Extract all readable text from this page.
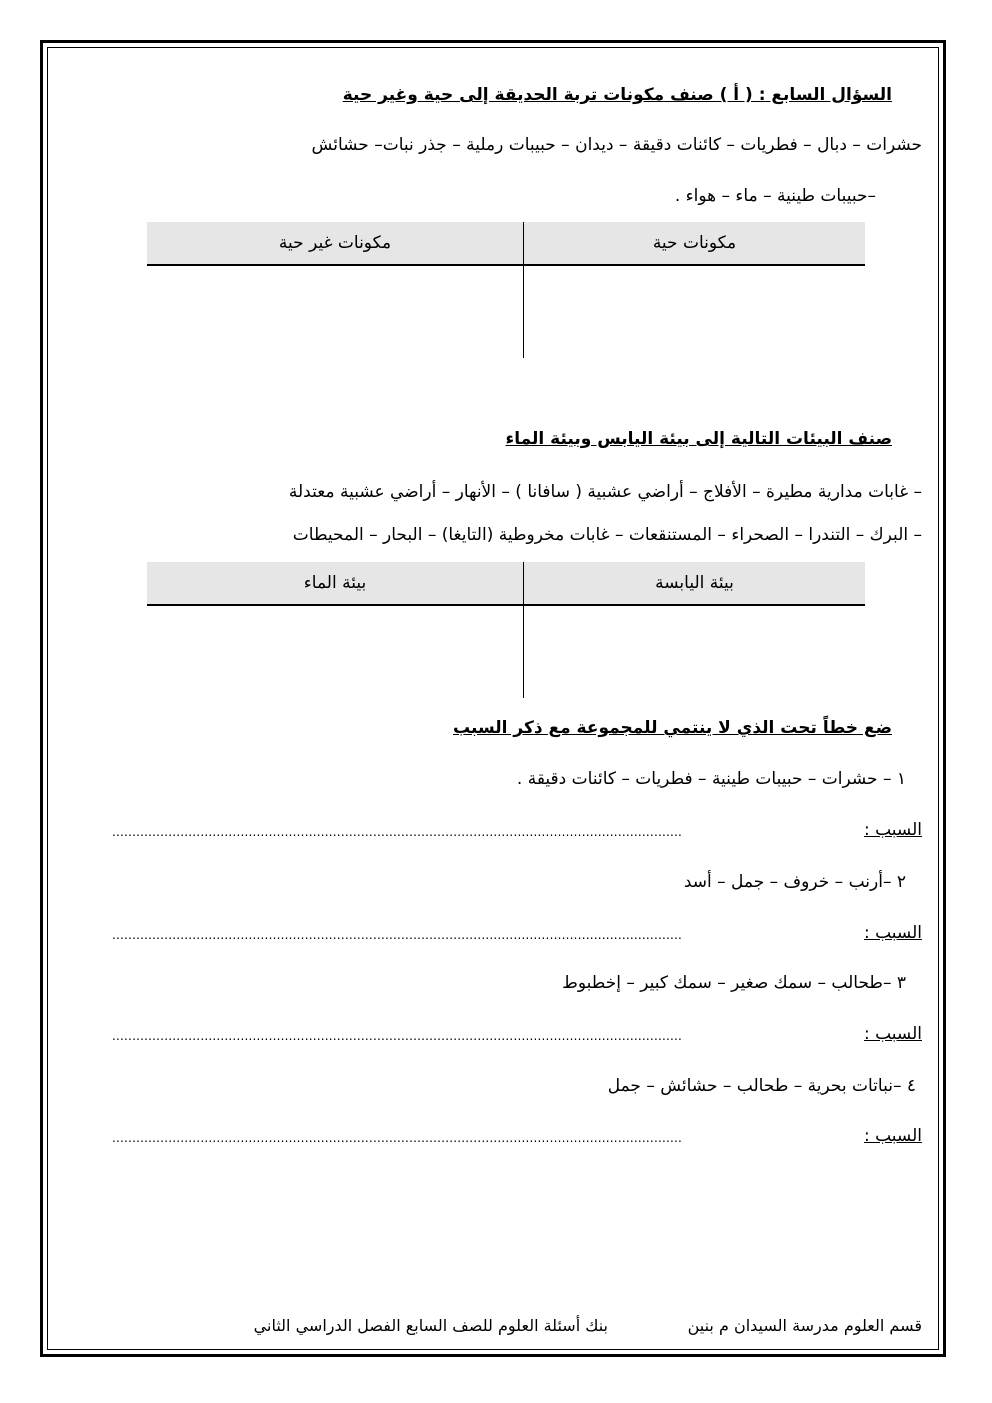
السؤال السابع : ( أ ) صنف مكونات تربة الحديقة إلى حية وغير حية
حشرات – دبال – فطريات – كائنات دقيقة – ديدان – حبيبات رملية – جذر نبات– حشائش
–حبيبات طينية – ماء – هواء .
مكونات حية	مكونات غير حية

صنف البيئات التالية إلى بيئة اليابس وبيئة الماء
– غابات مدارية مطيرة – الأفلاج – أراضي عشبية ( سافانا ) – الأنهار – أراضي عشبية معتدلة
– البرك – التندرا – الصحراء – المستنقعات – غابات مخروطية (التايغا) – البحار – المحيطات
بيئة اليابسة	بيئة الماء

ضع خطاً تحت الذي لا ينتمي للمجموعة مع ذكر السبب
١ – حشرات – حبيبات طينية – فطريات – كائنات دقيقة .
السبب :
..............................................................................................................................................
٢ –أرنب – خروف – جمل – أسد
السبب :
..............................................................................................................................................
٣ –طحالب – سمك صغير – سمك كبير – إخطبوط
السبب :
..............................................................................................................................................
٤ –نباتات بحرية – طحالب – حشائش – جمل
السبب :
..............................................................................................................................................
قسم العلوم مدرسة السيدان م بنين
بنك أسئلة العلوم للصف السابع الفصل الدراسي الثاني
